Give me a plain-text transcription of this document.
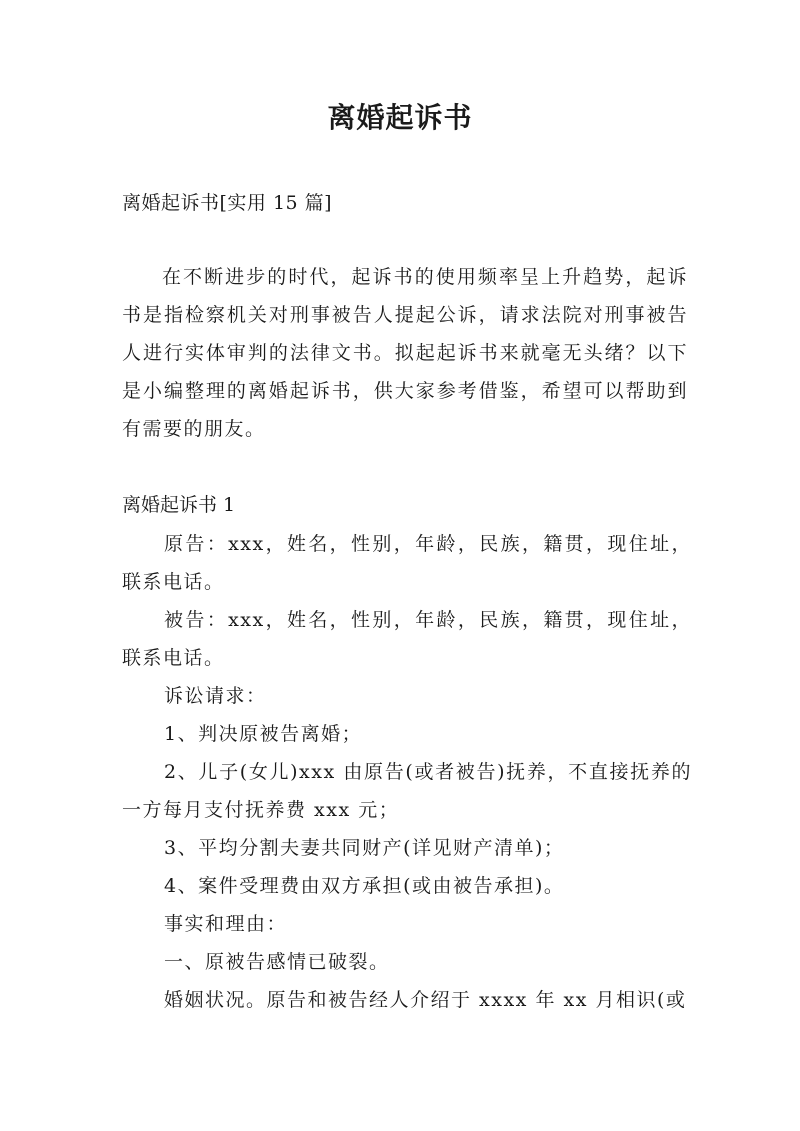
离婚起诉书
离婚起诉书[实用 15 篇]

在不断进步的时代，起诉书的使用频率呈上升趋势，起诉书是指检察机关对刑事被告人提起公诉，请求法院对刑事被告人进行实体审判的法律文书。拟起起诉书来就毫无头绪？以下是小编整理的离婚起诉书，供大家参考借鉴，希望可以帮助到有需要的朋友。

离婚起诉书 1

原告：xxx，姓名，性别，年龄，民族，籍贯，现住址，联系电话。

被告：xxx，姓名，性别，年龄，民族，籍贯，现住址，联系电话。

诉讼请求：

1、判决原被告离婚；

2、儿子(女儿)xxx 由原告(或者被告)抚养，不直接抚养的一方每月支付抚养费 xxx 元；

3、平均分割夫妻共同财产(详见财产清单)；

4、案件受理费由双方承担(或由被告承担)。

事实和理由：

一、原被告感情已破裂。

婚姻状况。原告和被告经人介绍于 xxxx 年 xx 月相识(或
